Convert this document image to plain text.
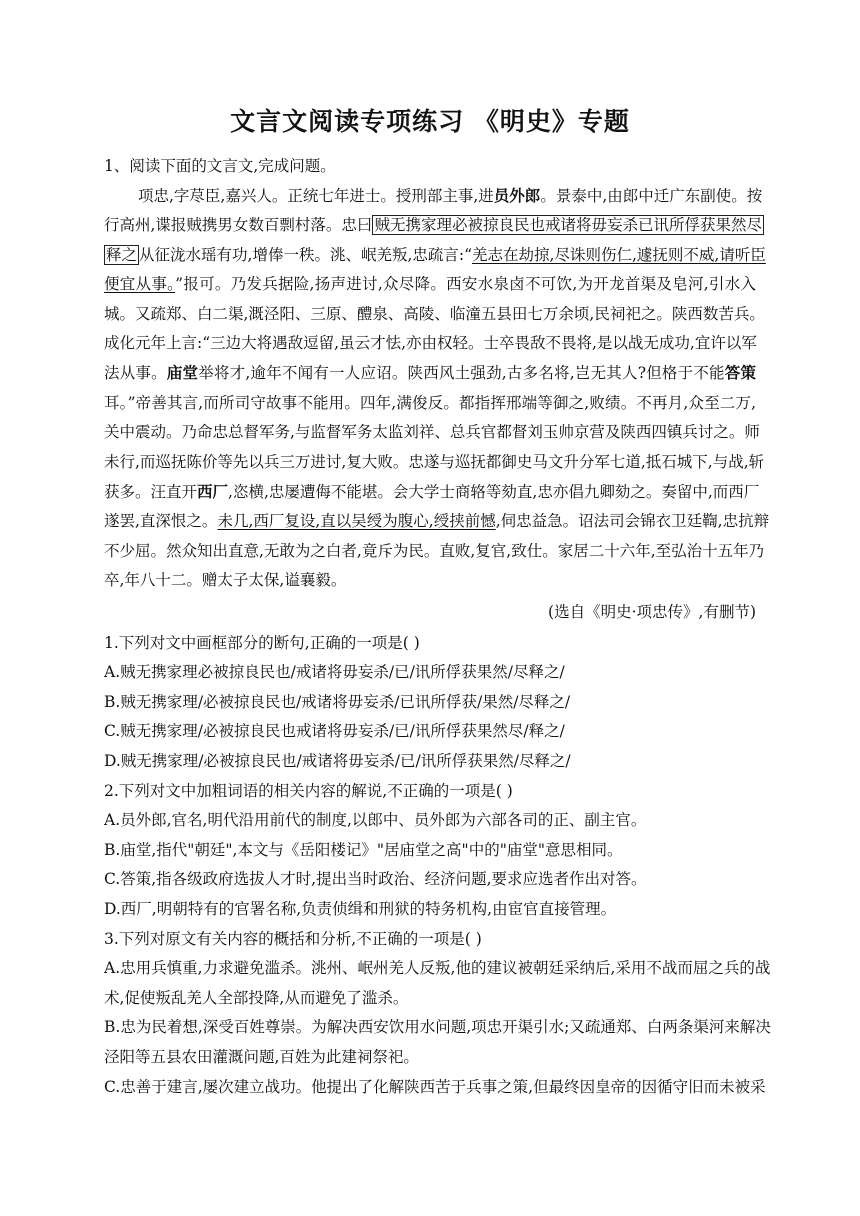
文言文阅读专项练习 《明史》专题
1、阅读下面的文言文,完成问题。
项忠,字荩臣,嘉兴人。正统七年进士。授刑部主事,进员外郎。景泰中,由郎中迁广东副使。按
行高州,谍报贼携男女数百剽村落。忠曰 贼无携家理必被掠良民也戒诸将毋妄杀已讯所俘获果然尽
释之 从征泷水瑶有功,增俸一秩。洮、岷羌叛,忠疏言:“羌志在劫掠,尽诛则伤仁,遽抚则不威,请听臣
便宜从事。”报可。乃发兵据险,扬声进讨,众尽降。西安水泉卤不可饮,为开龙首渠及皂河,引水入
城。又疏郑、白二渠,溉泾阳、三原、醴泉、高陵、临潼五县田七万余顷,民祠祀之。陕西数苦兵。
成化元年上言:“三边大将遇敌逗留,虽云才怯,亦由权轻。士卒畏敌不畏将,是以战无成功,宜许以军
法从事。庙堂举将才,逾年不闻有一人应诏。陕西风土强劲,古多名将,岂无其人?但格于不能答策
耳。”帝善其言,而所司守故事不能用。四年,满俊反。都指挥邢端等御之,败绩。不再月,众至二万,
关中震动。乃命忠总督军务,与监督军务太监刘祥、总兵官都督刘玉帅京营及陕西四镇兵讨之。师
未行,而巡抚陈价等先以兵三万进讨,复大败。忠遂与巡抚都御史马文升分军七道,抵石城下,与战,斩
获多。汪直开西厂,恣横,忠屡遭侮不能堪。会大学士商辂等劾直,忠亦倡九卿劾之。奏留中,而西厂
遂罢,直深恨之。未几,西厂复设,直以吴绶为腹心,绶挟前憾,伺忠益急。诏法司会锦衣卫廷鞫,忠抗辩
不少屈。然众知出直意,无敢为之白者,竟斥为民。直败,复官,致仕。家居二十六年,至弘治十五年乃
卒,年八十二。赠太子太保,谥襄毅。
(选自《明史·项忠传》,有删节)
1.下列对文中画框部分的断句,正确的一项是( )
A.贼无携家理必被掠良民也/戒诸将毋妄杀/已/讯所俘获果然/尽释之/
B.贼无携家理/必被掠良民也/戒诸将毋妄杀/已讯所俘获/果然/尽释之/
C.贼无携家理/必被掠良民也戒诸将毋妄杀/已/讯所俘获果然尽/释之/
D.贼无携家理/必被掠良民也/戒诸将毋妄杀/已/讯所俘获果然/尽释之/
2.下列对文中加粗词语的相关内容的解说,不正确的一项是( )
A.员外郎,官名,明代沿用前代的制度,以郎中、员外郎为六部各司的正、副主官。
B.庙堂,指代"朝廷",本文与《岳阳楼记》"居庙堂之高"中的"庙堂"意思相同。
C.答策,指各级政府选拔人才时,提出当时政治、经济问题,要求应选者作出对答。
D.西厂,明朝特有的官署名称,负责侦缉和刑狱的特务机构,由宦官直接管理。
3.下列对原文有关内容的概括和分析,不正确的一项是( )
A.忠用兵慎重,力求避免滥杀。洮州、岷州羌人反叛,他的建议被朝廷采纳后,采用不战而屈之兵的战
术,促使叛乱羌人全部投降,从而避免了滥杀。
B.忠为民着想,深受百姓尊崇。为解决西安饮用水问题,项忠开渠引水;又疏通郑、白两条渠河来解决
泾阳等五县农田灌溉问题,百姓为此建祠祭祀。
C.忠善于建言,屡次建立战功。他提出了化解陕西苦于兵事之策,但最终因皇帝的因循守旧而未被采
